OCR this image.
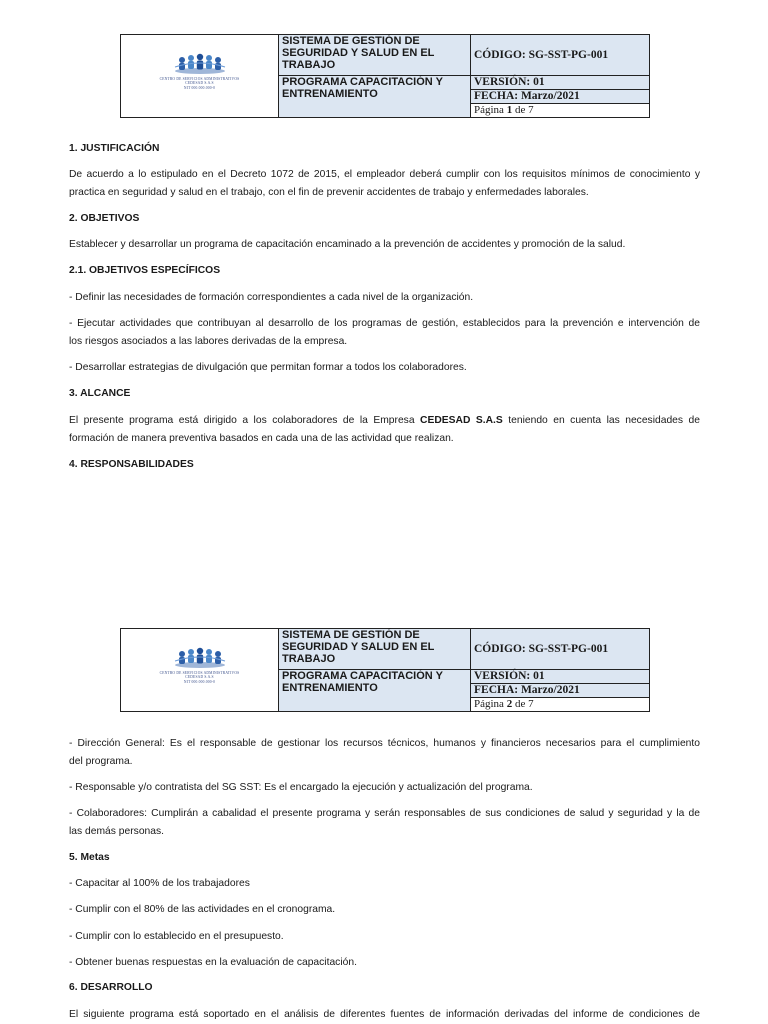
CENTRO DE SERVICIOS ADMINISTRATIVOS
CEDESAD S.A.S
NIT 000.000.000-0	SISTEMA DE GESTIÓN DE SEGURIDAD Y SALUD EN EL TRABAJO	CÓDIGO: SG-SST-PG-001
	PROGRAMA CAPACITACIÓN Y ENTRENAMIENTO	VERSIÓN: 01
		FECHA: Marzo/2021
		Página 1 de 7
1. JUSTIFICACIÓN
De acuerdo a lo estipulado en el Decreto 1072 de 2015, el empleador deberá cumplir con los requisitos mínimos de conocimiento y
practica en seguridad y salud en el trabajo, con el fin de prevenir accidentes de trabajo y enfermedades laborales.
2. OBJETIVOS
Establecer y desarrollar un programa de capacitación encaminado a la prevención de accidentes y promoción de la salud.
2.1. OBJETIVOS ESPECÍFICOS
- Definir las necesidades de formación correspondientes a cada nivel de la organización.
- Ejecutar actividades que contribuyan al desarrollo de los programas de gestión, establecidos para la prevención e intervención de
los riesgos asociados a las labores derivadas de la empresa.
- Desarrollar estrategias de divulgación que permitan formar a todos los colaboradores.
3. ALCANCE
El presente programa está dirigido a los colaboradores de la Empresa CEDESAD S.A.S teniendo en cuenta las necesidades de
formación de manera preventiva basados en cada una de las actividad que realizan.
4. RESPONSABILIDADES
CENTRO DE SERVICIOS ADMINISTRATIVOS
CEDESAD S.A.S
NIT 000.000.000-0	SISTEMA DE GESTIÓN DE SEGURIDAD Y SALUD EN EL TRABAJO	CÓDIGO: SG-SST-PG-001
	PROGRAMA CAPACITACIÓN Y ENTRENAMIENTO	VERSIÓN: 01
		FECHA: Marzo/2021
		Página 2 de 7
- Dirección General: Es el responsable de gestionar los recursos técnicos, humanos y financieros necesarios para el cumplimiento
del programa.
- Responsable y/o contratista del SG SST: Es el encargado la ejecución y actualización del programa.
- Colaboradores: Cumplirán a cabalidad el presente programa y serán responsables de sus condiciones de salud y seguridad y la de
las demás personas.
5. Metas
- Capacitar al 100% de los trabajadores
- Cumplir con el 80% de las actividades en el cronograma.
- Cumplir con lo establecido en el presupuesto.
- Obtener buenas respuestas en la evaluación de capacitación.
6. DESARROLLO
El siguiente programa está soportado en el análisis de diferentes fuentes de información derivadas del informe de condiciones de
